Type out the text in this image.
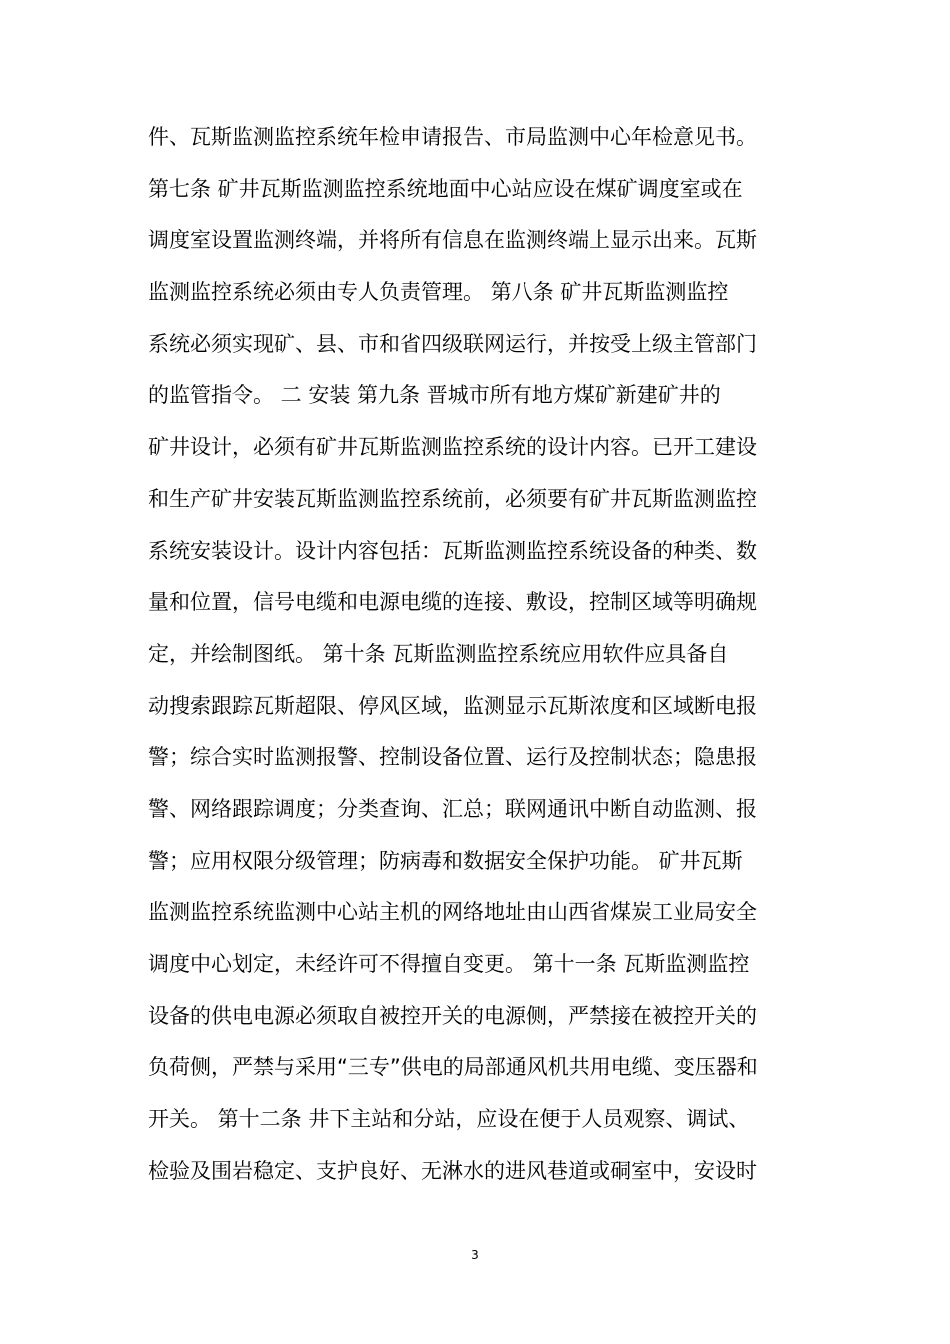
件、瓦斯监测监控系统年检申请报告、市局监测中心年检意见书。
第七条 矿井瓦斯监测监控系统地面中心站应设在煤矿调度室或在
调度室设置监测终端，并将所有信息在监测终端上显示出来。瓦斯
监测监控系统必须由专人负责管理。 第八条 矿井瓦斯监测监控
系统必须实现矿、县、市和省四级联网运行，并按受上级主管部门
的监管指令。 二 安装 第九条 晋城市所有地方煤矿新建矿井的
矿井设计，必须有矿井瓦斯监测监控系统的设计内容。已开工建设
和生产矿井安装瓦斯监测监控系统前，必须要有矿井瓦斯监测监控
系统安装设计。设计内容包括：瓦斯监测监控系统设备的种类、数
量和位置，信号电缆和电源电缆的连接、敷设，控制区域等明确规
定，并绘制图纸。 第十条 瓦斯监测监控系统应用软件应具备自
动搜索跟踪瓦斯超限、停风区域，监测显示瓦斯浓度和区域断电报
警；综合实时监测报警、控制设备位置、运行及控制状态；隐患报
警、网络跟踪调度；分类查询、汇总；联网通讯中断自动监测、报
警；应用权限分级管理；防病毒和数据安全保护功能。 矿井瓦斯
监测监控系统监测中心站主机的网络地址由山西省煤炭工业局安全
调度中心划定，未经许可不得擅自变更。 第十一条 瓦斯监测监控
设备的供电电源必须取自被控开关的电源侧，严禁接在被控开关的
负荷侧，严禁与采用“三专”供电的局部通风机共用电缆、变压器和
开关。 第十二条 井下主站和分站，应设在便于人员观察、调试、
检验及围岩稳定、支护良好、无淋水的进风巷道或硐室中，安设时
3
